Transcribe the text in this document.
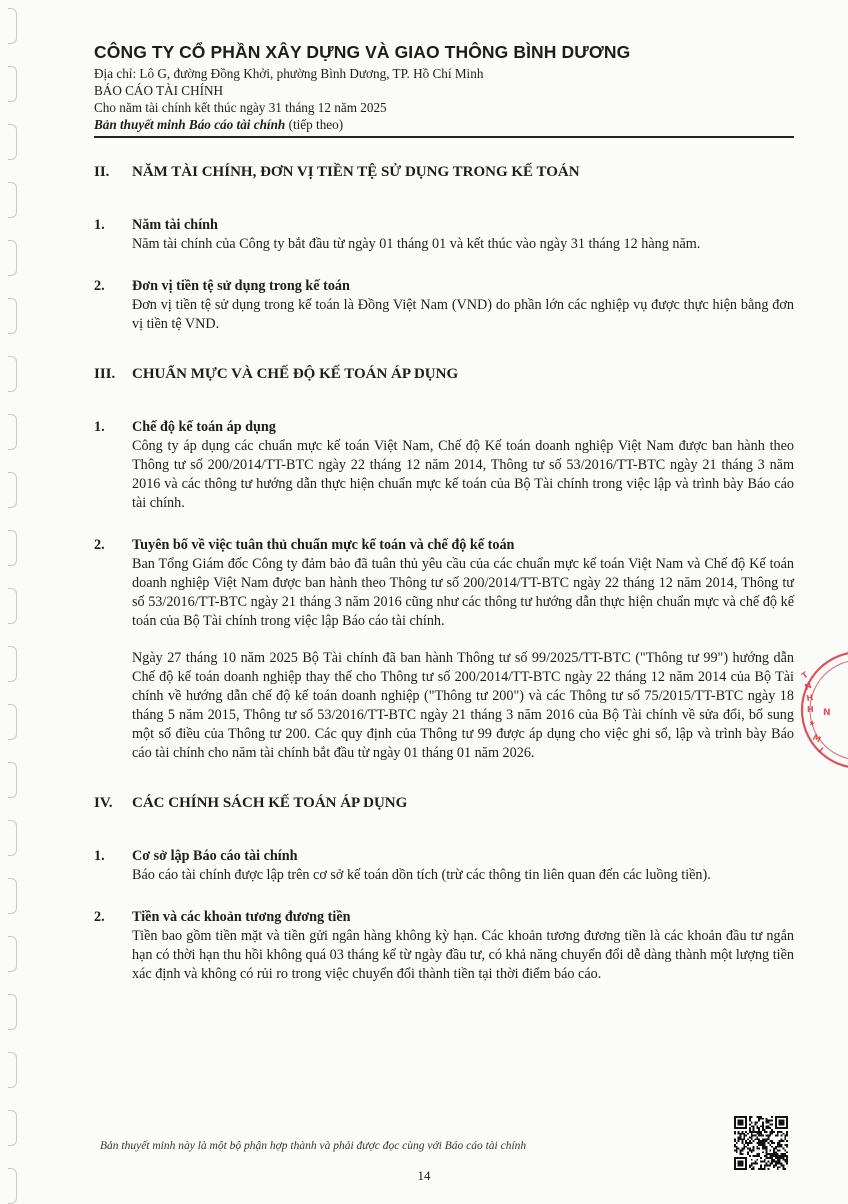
CÔNG TY CỔ PHẦN XÂY DỰNG VÀ GIAO THÔNG BÌNH DƯƠNG
Địa chỉ: Lô G, đường Đồng Khởi, phường Bình Dương, TP. Hồ Chí Minh
BÁO CÁO TÀI CHÍNH
Cho năm tài chính kết thúc ngày 31 tháng 12 năm 2025
Bản thuyết minh Báo cáo tài chính (tiếp theo)
II.	NĂM TÀI CHÍNH, ĐƠN VỊ TIỀN TỆ SỬ DỤNG TRONG KẾ TOÁN
1.	Năm tài chính
Năm tài chính của Công ty bắt đầu từ ngày 01 tháng 01 và kết thúc vào ngày 31 tháng 12 hàng năm.
2.	Đơn vị tiền tệ sử dụng trong kế toán
Đơn vị tiền tệ sử dụng trong kế toán là Đồng Việt Nam (VND) do phần lớn các nghiệp vụ được thực hiện bằng đơn vị tiền tệ VND.
III.	CHUẨN MỰC VÀ CHẾ ĐỘ KẾ TOÁN ÁP DỤNG
1.	Chế độ kế toán áp dụng
Công ty áp dụng các chuẩn mực kế toán Việt Nam, Chế độ Kế toán doanh nghiệp Việt Nam được ban hành theo Thông tư số 200/2014/TT-BTC ngày 22 tháng 12 năm 2014, Thông tư số 53/2016/TT-BTC ngày 21 tháng 3 năm 2016 và các thông tư hướng dẫn thực hiện chuẩn mực kế toán của Bộ Tài chính trong việc lập và trình bày Báo cáo tài chính.
2.	Tuyên bố về việc tuân thủ chuẩn mực kế toán và chế độ kế toán
Ban Tổng Giám đốc Công ty đảm bảo đã tuân thủ yêu cầu của các chuẩn mực kế toán Việt Nam và Chế độ Kế toán doanh nghiệp Việt Nam được ban hành theo Thông tư số 200/2014/TT-BTC ngày 22 tháng 12 năm 2014, Thông tư số 53/2016/TT-BTC ngày 21 tháng 3 năm 2016 cũng như các thông tư hướng dẫn thực hiện chuẩn mực và chế độ kế toán của Bộ Tài chính trong việc lập Báo cáo tài chính.
Ngày 27 tháng 10 năm 2025 Bộ Tài chính đã ban hành Thông tư số 99/2025/TT-BTC ("Thông tư 99") hướng dẫn Chế độ kế toán doanh nghiệp thay thế cho Thông tư số 200/2014/TT-BTC ngày 22 tháng 12 năm 2014 của Bộ Tài chính về hướng dẫn chế độ kế toán doanh nghiệp ("Thông tư 200") và các Thông tư số 75/2015/TT-BTC ngày 18 tháng 5 năm 2015, Thông tư số 53/2016/TT-BTC ngày 21 tháng 3 năm 2016 của Bộ Tài chính về sửa đổi, bổ sung một số điều của Thông tư 200. Các quy định của Thông tư 99 được áp dụng cho việc ghi sổ, lập và trình bày Báo cáo tài chính cho năm tài chính bắt đầu từ ngày 01 tháng 01 năm 2026.
IV.	CÁC CHÍNH SÁCH KẾ TOÁN ÁP DỤNG
1.	Cơ sở lập Báo cáo tài chính
Báo cáo tài chính được lập trên cơ sở kế toán dồn tích (trừ các thông tin liên quan đến các luồng tiền).
2.	Tiền và các khoản tương đương tiền
Tiền bao gồm tiền mặt và tiền gửi ngân hàng không kỳ hạn. Các khoản tương đương tiền là các khoản đầu tư ngắn hạn có thời hạn thu hồi không quá 03 tháng kể từ ngày đầu tư, có khả năng chuyển đổi dễ dàng thành một lượng tiền xác định và không có rủi ro trong việc chuyển đổi thành tiền tại thời điểm báo cáo.
T
N
H
H
★
M
I
N
Bản thuyết minh này là một bộ phận hợp thành và phải được đọc cùng với Báo cáo tài chính
14
